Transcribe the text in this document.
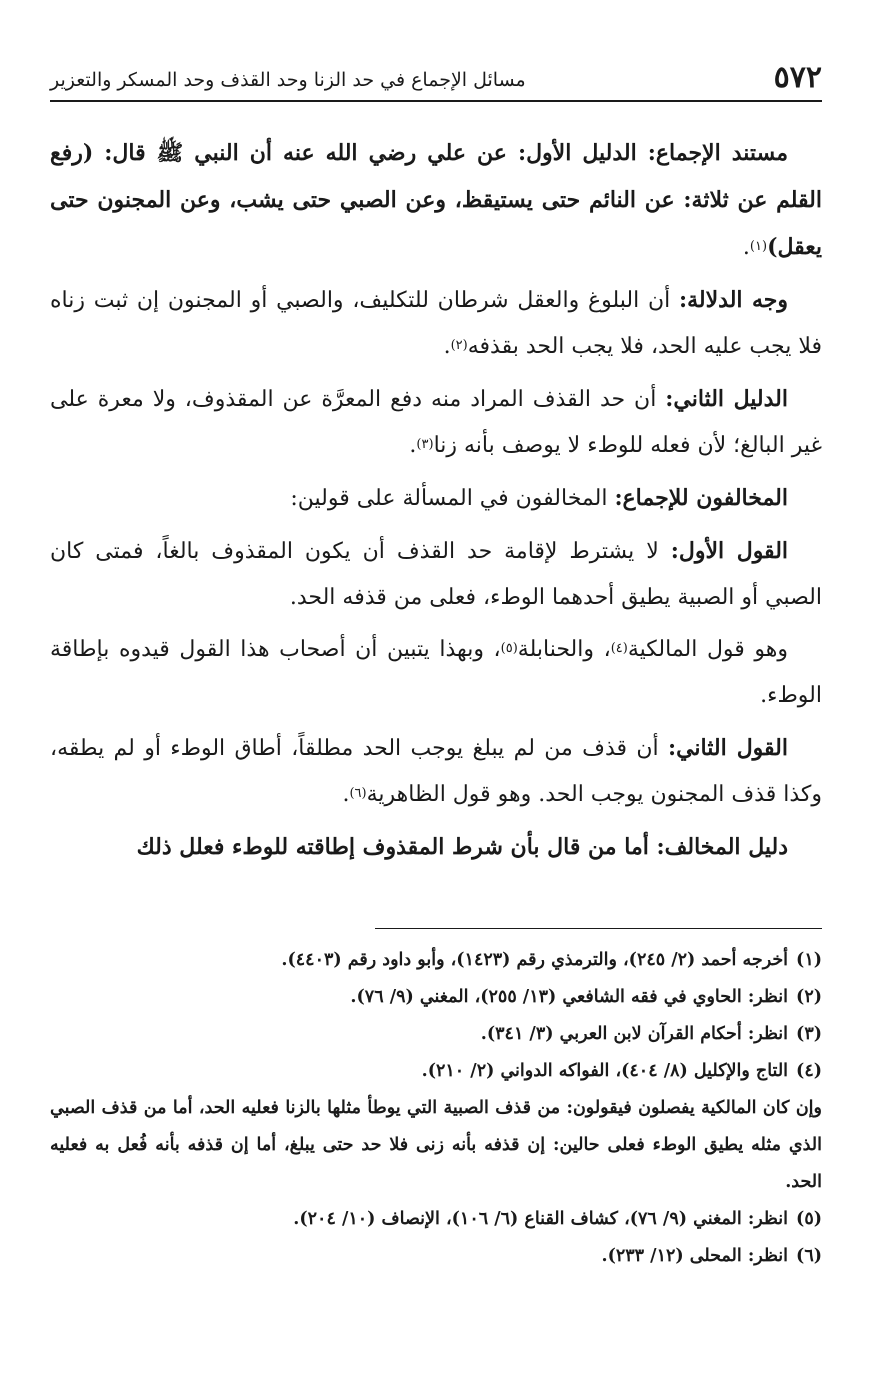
٥٧٢
مسائل الإجماع في حد الزنا وحد القذف وحد المسكر والتعزير

مستند الإجماع: الدليل الأول: عن علي رضي الله عنه أن النبي ﷺ قال: (رفع القلم عن ثلاثة: عن النائم حتى يستيقظ، وعن الصبي حتى يشب، وعن المجنون حتى يعقل)$^{(١)}$.

وجه الدلالة: أن البلوغ والعقل شرطان للتكليف، والصبي أو المجنون إن ثبت زناه فلا يجب عليه الحد، فلا يجب الحد بقذفه$^{(٢)}$.

الدليل الثاني: أن حد القذف المراد منه دفع المعرَّة عن المقذوف، ولا معرة على غير البالغ؛ لأن فعله للوطء لا يوصف بأنه زنا$^{(٣)}$.

المخالفون للإجماع: المخالفون في المسألة على قولين:

القول الأول: لا يشترط لإقامة حد القذف أن يكون المقذوف بالغاً، فمتى كان الصبي أو الصبية يطيق أحدهما الوطء، فعلى من قذفه الحد.

وهو قول المالكية$^{(٤)}$، والحنابلة$^{(٥)}$، وبهذا يتبين أن أصحاب هذا القول قيدوه بإطاقة الوطء.

القول الثاني: أن قذف من لم يبلغ يوجب الحد مطلقاً، أطاق الوطء أو لم يطقه، وكذا قذف المجنون يوجب الحد. وهو قول الظاهرية$^{(٦)}$.

دليل المخالف: أما من قال بأن شرط المقذوف إطاقته للوطء فعلل ذلك

(١)أخرجه أحمد (٢/ ٢٤٥)، والترمذي رقم (١٤٢٣)، وأبو داود رقم (٤٤٠٣).

(٢)انظر: الحاوي في فقه الشافعي (١٣/ ٢٥٥)، المغني (٩/ ٧٦).

(٣)انظر: أحكام القرآن لابن العربي (٣/ ٣٤١).

(٤)التاج والإكليل (٨/ ٤٠٤)، الفواكه الدواني (٢/ ٢١٠).

وإن كان المالكية يفصلون فيقولون: من قذف الصبية التي يوطأ مثلها بالزنا فعليه الحد، أما من قذف الصبي الذي مثله يطيق الوطء فعلى حالين: إن قذفه بأنه زنى فلا حد حتى يبلغ، أما إن قذفه بأنه فُعل به فعليه الحد.

(٥)انظر: المغني (٩/ ٧٦)، كشاف القناع (٦/ ١٠٦)، الإنصاف (١٠/ ٢٠٤).

(٦)انظر: المحلى (١٢/ ٢٣٣).
